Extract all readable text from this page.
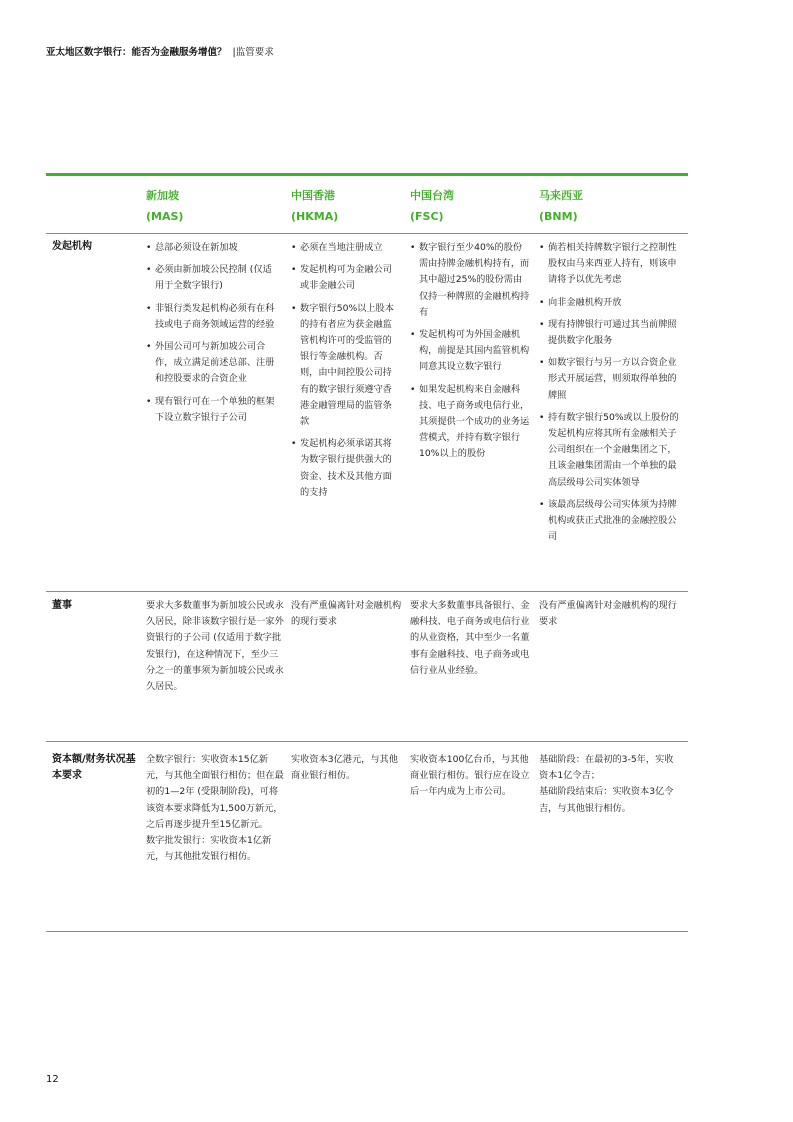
亚太地区数字银行：能否为金融服务增值？ |监管要求
新加坡
(MAS)
中国香港
(HKMA)
中国台湾
(FSC)
马来西亚
(BNM)
发起机构
•	总部必须设在新加坡
• 必须由新加坡公民控制 (仅适用于全数字银行)
• 非银行类发起机构必须有在科技或电子商务领域运营的经验
• 外国公司可与新加坡公司合作，成立满足前述总部、注册和控股要求的合资企业
• 现有银行可在一个单独的框架下设立数字银行子公司
• 必须在当地注册成立
• 发起机构可为金融公司或非金融公司
• 数字银行50%以上股本的持有者应为获金融监管机构许可的受监管的银行等金融机构。否则，由中间控股公司持有的数字银行须遵守香港金融管理局的监管条款
• 发起机构必须承诺其将为数字银行提供强大的资金、技术及其他方面的支持
• 数字银行至少40%的股份需由持牌金融机构持有，而其中超过25%的股份需由仅持一种牌照的金融机构持有
• 发起机构可为外国金融机构，前提是其国内监管机构同意其设立数字银行
• 如果发起机构来自金融科技、电子商务或电信行业，其须提供一个成功的业务运营模式，并持有数字银行10%以上的股份
• 倘若相关持牌数字银行之控制性股权由马来西亚人持有，则该申请将予以优先考虑
• 向非金融机构开放
• 现有持牌银行可通过其当前牌照提供数字化服务
• 如数字银行与另一方以合资企业形式开展运营，则须取得单独的牌照
• 持有数字银行50%或以上股份的发起机构应将其所有金融相关子公司组织在一个金融集团之下，且该金融集团需由一个单独的最高层级母公司实体领导
• 该最高层级母公司实体须为持牌机构或获正式批准的金融控股公司
董事	要求大多数董事为新加坡公民或永久居民，除非该数字银行是一家外资银行的子公司 (仅适用于数字批发银行)，在这种情况下，至少三分之一的董事须为新加坡公民或永久居民。

没有严重偏离针对金融机构的现行要求

要求大多数董事具备银行、金融科技、电子商务或电信行业的从业资格，其中至少一名董事有金融科技、电子商务或电信行业从业经验。

没有严重偏离针对金融机构的现行要求

资本额/财务状况基本要求

全数字银行：实收资本15亿新元，与其他全面银行相仿；但在最初的1—2年 (受限制阶段)，可将该资本要求降低为1,500万新元，之后再逐步提升至15亿新元。

数字批发银行：实收资本1亿新元，与其他批发银行相仿。

实收资本3亿港元，与其他商业银行相仿。

实收资本100亿台币，与其他商业银行相仿。银行应在设立后一年内成为上市公司。

基础阶段：在最初的3-5年，实收资本1亿令吉；

基础阶段结束后：实收资本3亿令吉，与其他银行相仿。

12
